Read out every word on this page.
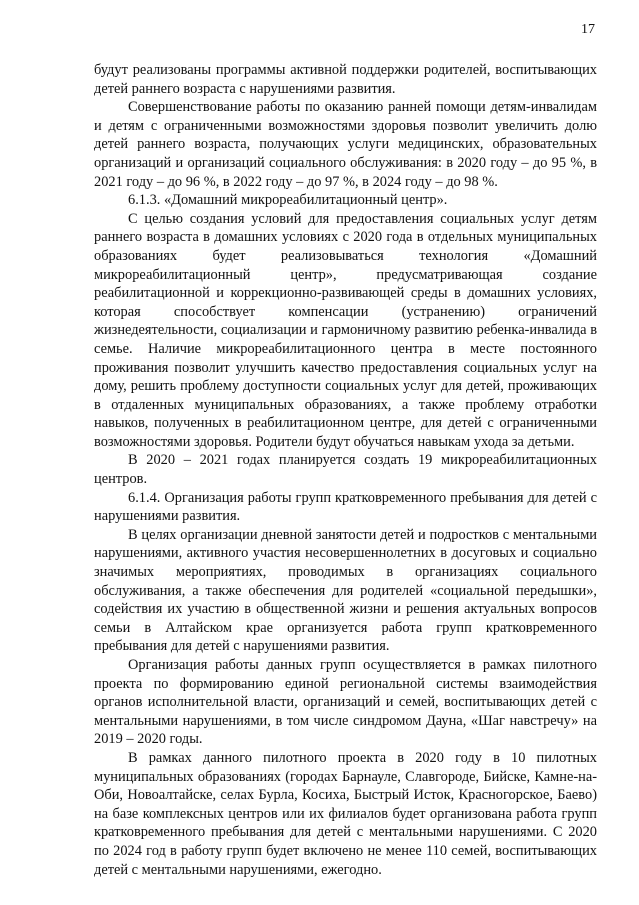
17

будут реализованы программы активной поддержки родителей, воспитывающих детей раннего возраста с нарушениями развития.

Совершенствование работы по оказанию ранней помощи детям-инвалидам и детям с ограниченными возможностями здоровья позволит увеличить долю детей раннего возраста, получающих услуги медицинских, образовательных организаций и организаций социального обслуживания: в 2020 году – до 95 %, в 2021 году – до 96 %, в 2022 году – до 97 %, в 2024 году – до 98 %.

6.1.3. «Домашний микрореабилитационный центр».

С целью создания условий для предоставления социальных услуг детям раннего возраста в домашних условиях с 2020 года в отдельных муниципальных образованиях будет реализовываться технология «Домашний микрореабилитационный центр», предусматривающая создание реабилитационной и коррекционно-развивающей среды в домашних условиях, которая способствует компенсации (устранению) ограничений жизнедеятельности, социализации и гармоничному развитию ребенка-инвалида в семье. Наличие микрореабилитационного центра в месте постоянного проживания позволит улучшить качество предоставления социальных услуг на дому, решить проблему доступности социальных услуг для детей, проживающих в отдаленных муниципальных образованиях, а также проблему отработки навыков, полученных в реабилитационном центре, для детей с ограниченными возможностями здоровья. Родители будут обучаться навыкам ухода за детьми.

В 2020 – 2021 годах планируется создать 19 микрореабилитационных центров.

6.1.4. Организация работы групп кратковременного пребывания для детей с нарушениями развития.

В целях организации дневной занятости детей и подростков с ментальными нарушениями, активного участия несовершеннолетних в досуговых и социально значимых мероприятиях, проводимых в организациях социального обслуживания, а также обеспечения для родителей «социальной передышки», содействия их участию в общественной жизни и решения актуальных вопросов семьи в Алтайском крае организуется работа групп кратковременного пребывания для детей с нарушениями развития.

Организация работы данных групп осуществляется в рамках пилотного проекта по формированию единой региональной системы взаимодействия органов исполнительной власти, организаций и семей, воспитывающих детей с ментальными нарушениями, в том числе синдромом Дауна, «Шаг навстречу» на 2019 – 2020 годы.

В рамках данного пилотного проекта в 2020 году в 10 пилотных муниципальных образованиях (городах Барнауле, Славгороде, Бийске, Камне-на-Оби, Новоалтайске, селах Бурла, Косиха, Быстрый Исток, Красногорское, Баево) на базе комплексных центров или их филиалов будет организована работа групп кратковременного пребывания для детей с ментальными нарушениями. С 2020 по 2024 год в работу групп будет включено не менее 110 семей, воспитывающих детей с ментальными нарушениями, ежегодно.
